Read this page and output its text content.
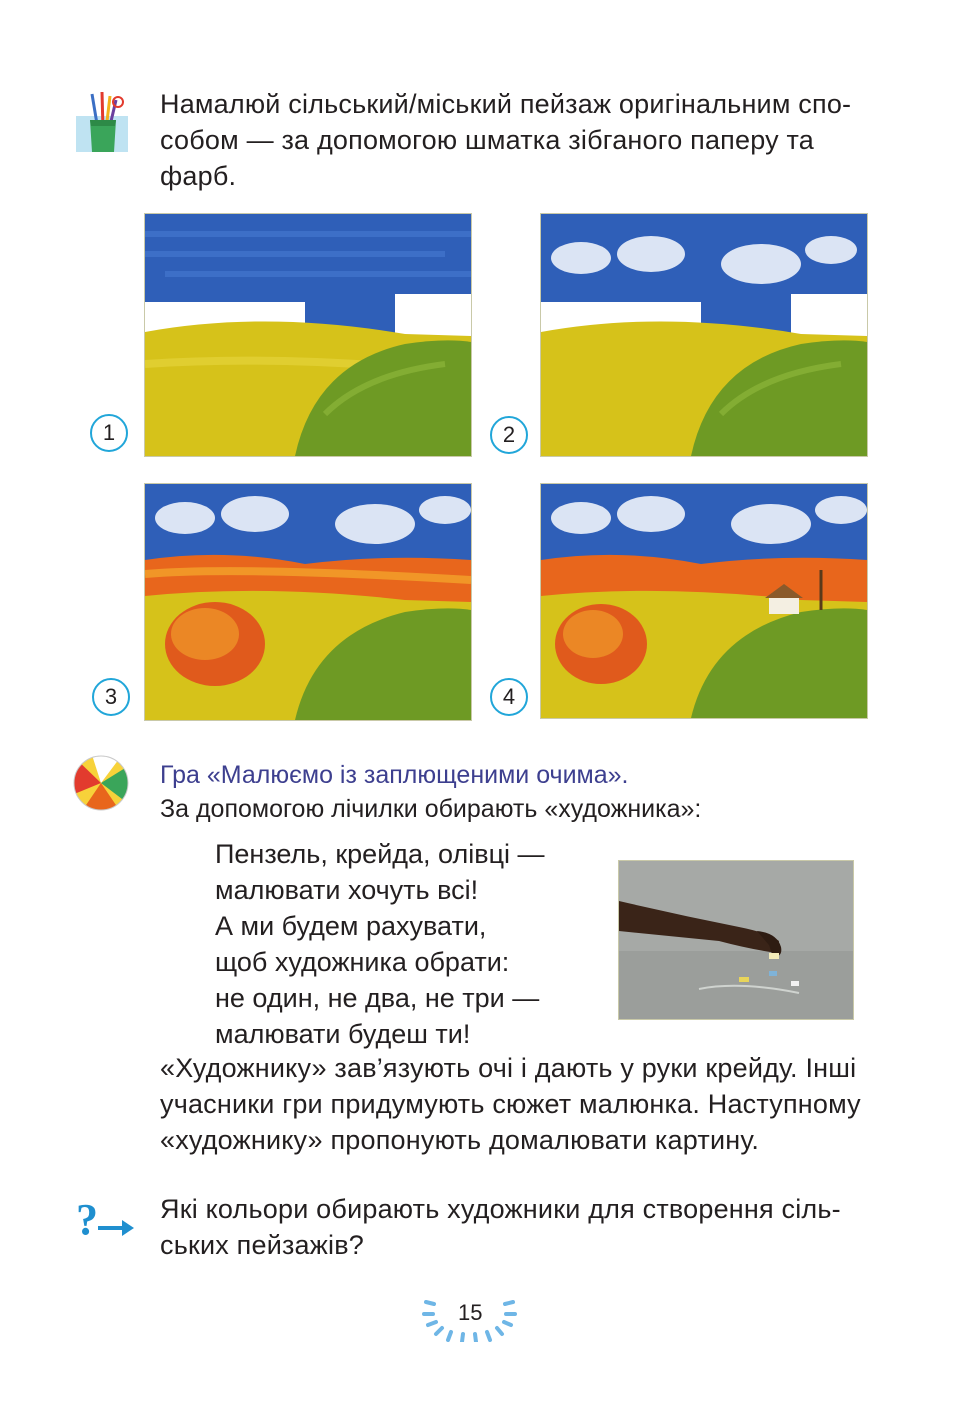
Намалюй сільський/міський пейзаж оригінальним спо-
собом — за допомогою шматка зібганого паперу та
фарб.
1	2
3	4
Гра «Малюємо із заплющеними очима».
За допомогою лічилки обирають «художника»:
Пензель, крейда, олівці —
малювати хочуть всі!
А ми будем рахувати,
щоб художника обрати:
не один, не два, не три —
малювати будеш ти!
«Художнику» зав’язують очі і дають у руки крейду. Інші
учасники гри придумують сюжет малюнка. Наступному
«художнику» пропонують домалювати картину.
? Які кольори обирають художники для створення сіль-
ських пейзажів?
15
